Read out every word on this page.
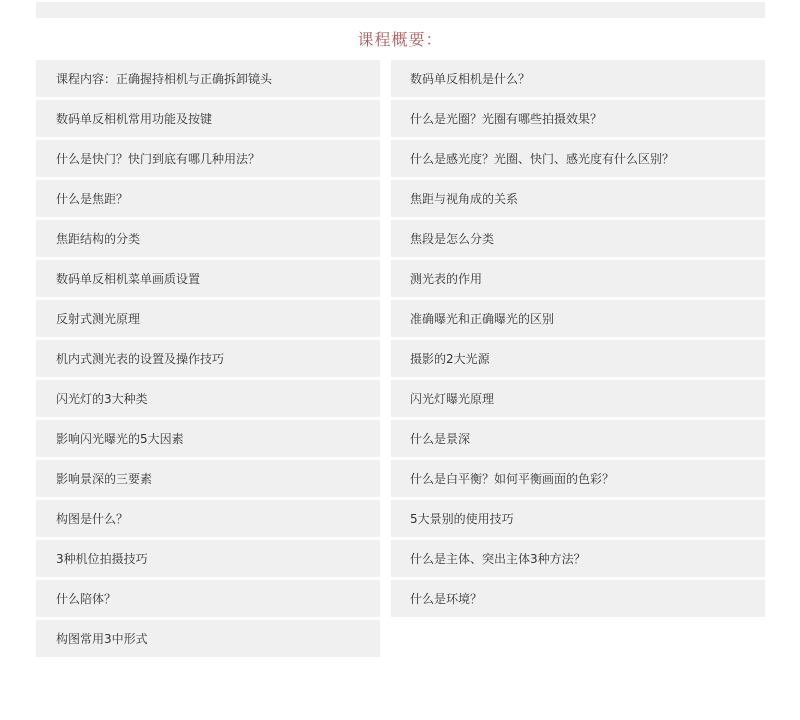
课程概要：
课程内容：正确握持相机与正确拆卸镜头	数码单反相机是什么？
数码单反相机常用功能及按键	什么是光圈？光圈有哪些拍摄效果？
什么是快门？快门到底有哪几种用法？	什么是感光度？光圈、快门、感光度有什么区别？
什么是焦距？	焦距与视角成的关系
焦距结构的分类	焦段是怎么分类
数码单反相机菜单画质设置	测光表的作用
反射式测光原理	准确曝光和正确曝光的区别
机内式测光表的设置及操作技巧	摄影的2大光源
闪光灯的3大种类	闪光灯曝光原理
影响闪光曝光的5大因素	什么是景深
影响景深的三要素	什么是白平衡？如何平衡画面的色彩？
构图是什么？	5大景别的使用技巧
3种机位拍摄技巧	什么是主体、突出主体3种方法？
什么陪体？	什么是环境？
构图常用3中形式
